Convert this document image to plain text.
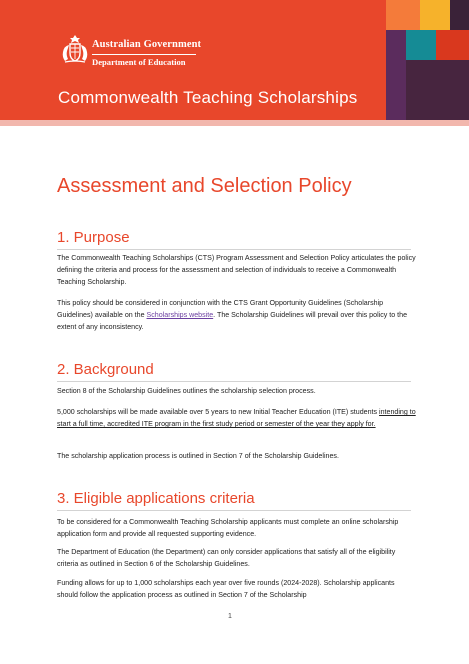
Australian Government
Department of Education
Commonwealth Teaching Scholarships
Assessment and Selection Policy
1. Purpose

The Commonwealth Teaching Scholarships (CTS) Program Assessment and Selection Policy articulates the policy defining the criteria and process for the assessment and selection of individuals to receive a Commonwealth Teaching Scholarship.

This policy should be considered in conjunction with the CTS Grant Opportunity Guidelines (Scholarship Guidelines) available on the Scholarships website. The Scholarship Guidelines will prevail over this policy to the extent of any inconsistency.

2. Background

Section 8 of the Scholarship Guidelines outlines the scholarship selection process.

5,000 scholarships will be made available over 5 years to new Initial Teacher Education (ITE) students intending to start a full time, accredited ITE program in the first study period or semester of the year they apply for.

The scholarship application process is outlined in Section 7 of the Scholarship Guidelines.

3. Eligible applications criteria

To be considered for a Commonwealth Teaching Scholarship applicants must complete an online scholarship application form and provide all requested supporting evidence.

The Department of Education (the Department) can only consider applications that satisfy all of the eligibility criteria as outlined in Section 6 of the Scholarship Guidelines.

Funding allows for up to 1,000 scholarships each year over five rounds (2024-2028). Scholarship applicants should follow the application process as outlined in Section 7 of the Scholarship

1
